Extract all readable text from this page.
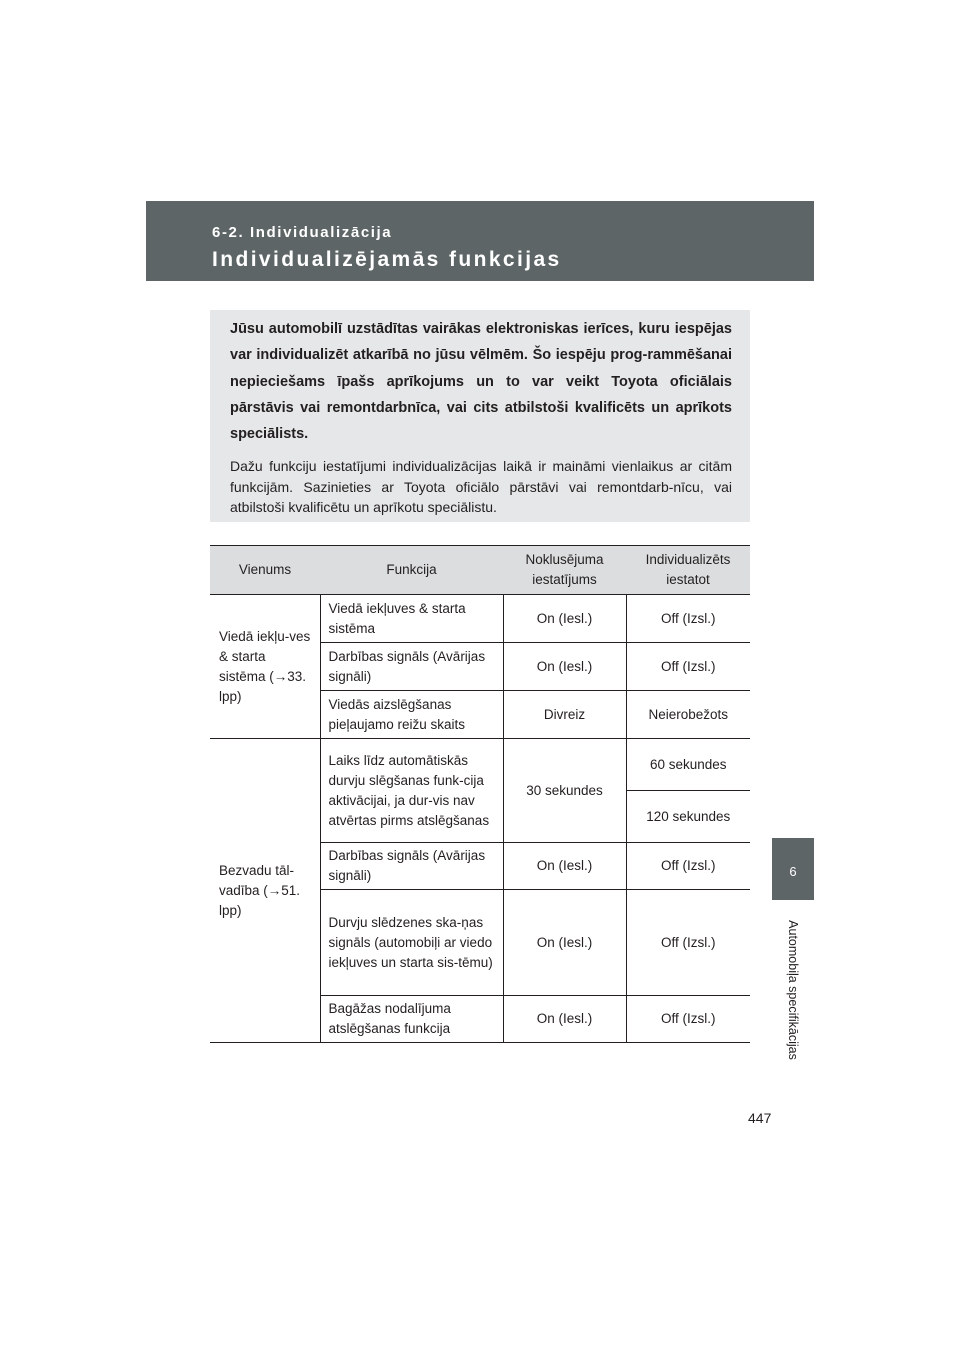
6-2. Individualizācija
Individualizējamās funkcijas

Jūsu automobilī uzstādītas vairākas elektroniskas ierīces, kuru iespējas var individualizēt atkarībā no jūsu vēlmēm. Šo iespēju prog-rammēšanai nepieciešams īpašs aprīkojums un to var veikt Toyota oficiālais pārstāvis vai remontdarbnīca, vai cits atbilstoši kvalificēts un aprīkots speciālists.

Dažu funkciju iestatījumi individualizācijas laikā ir maināmi vienlaikus ar citām funkcijām. Sazinieties ar Toyota oficiālo pārstāvi vai remontdarb-nīcu, vai atbilstoši kvalificētu un aprīkotu speciālistu.

Vienums	Funkcija	Noklusējuma iestatījums	Individualizēts iestatot
Viedā iekļu-ves & starta sistēma (→33. lpp)	Viedā iekļuves & starta sistēma	On (Iesl.)	Off (Izsl.)
	Darbības signāls (Avārijas signāli)	On (Iesl.)	Off (Izsl.)
	Viedās aizslēgšanas pieļaujamo reižu skaits	Divreiz	Neierobežots
Bezvadu tāl-vadība (→51. lpp)	Laiks līdz automātiskās durvju slēgšanas funk-cija aktivācijai, ja dur-vis nav atvērtas pirms atslēgšanas	30 sekundes	60 sekundes
			120 sekundes
	Darbības signāls (Avārijas signāli)	On (Iesl.)	Off (Izsl.)
	Durvju slēdzenes ska-ņas signāls (automobiļi ar viedo iekļuves un starta sis-tēmu)	On (Iesl.)	Off (Izsl.)
	Bagāžas nodalījuma atslēgšanas funkcija	On (Iesl.)	Off (Izsl.)
6
Automobiļa specifikācijas
447
